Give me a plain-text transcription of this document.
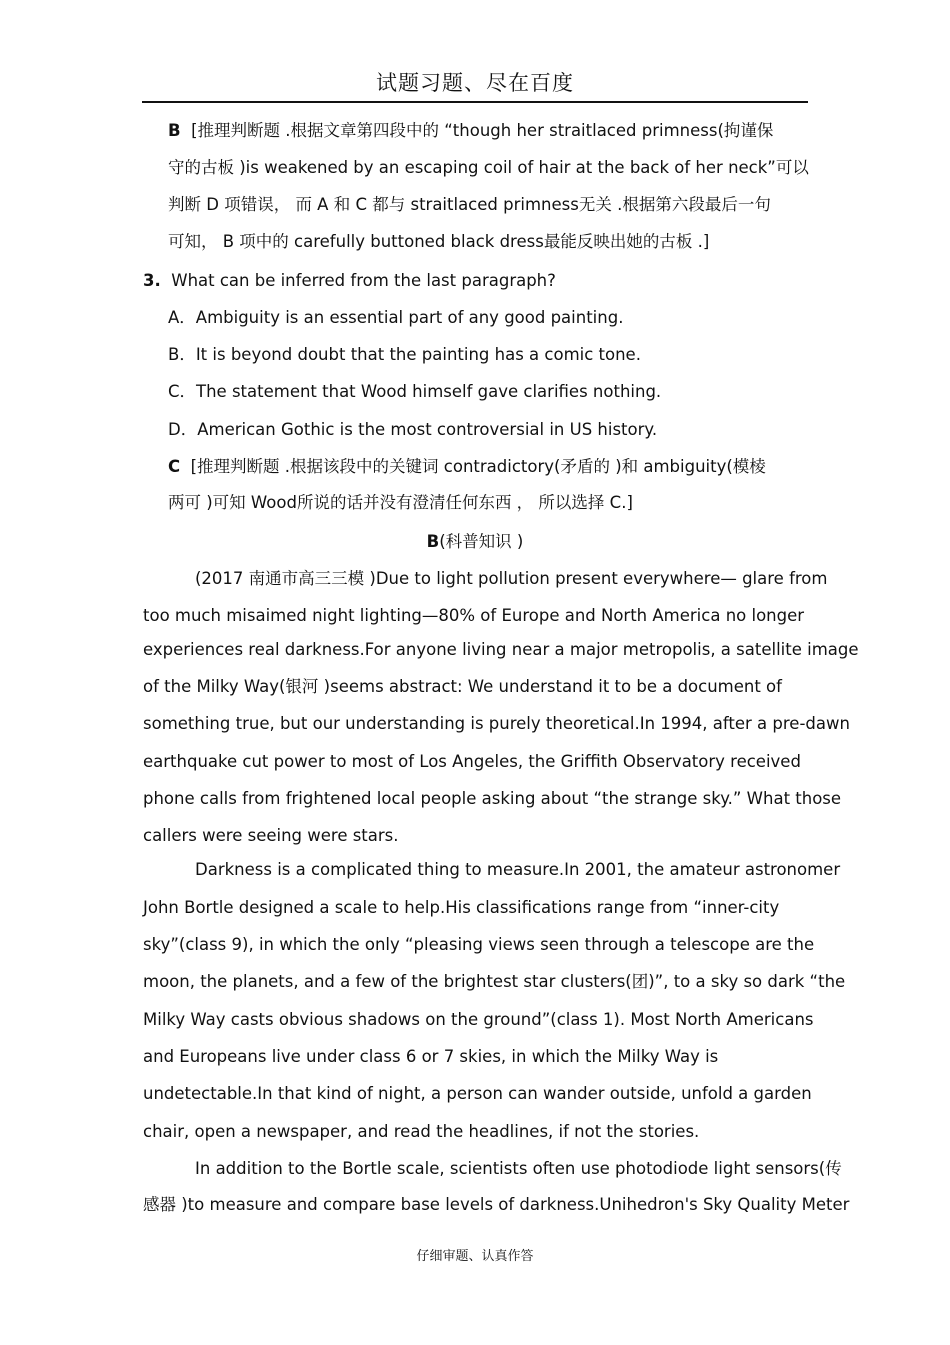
试题习题、尽在百度
B [推理判断题 .根据文章第四段中的 “though her straitlaced primness(拘谨保
守的古板 )is weakened by an escaping coil of hair at the back of her neck”可以
判断 D 项错误， 而 A 和 C 都与 straitlaced primness无关 .根据第六段最后一句
可知， B 项中的 carefully buttoned black dress最能反映出她的古板 .]
3. What can be inferred from the last paragraph?
A．Ambiguity is an essential part of any good painting.
B．It is beyond doubt that the painting has a comic tone.
C．The statement that Wood himself gave clarifies nothing.
D．American Gothic is the most controversial in US history.
C [推理判断题 .根据该段中的关键词 contradictory(矛盾的 )和 ambiguity(模棱
两可 )可知 Wood所说的话并没有澄清任何东西 ， 所以选择 C.]
B(科普知识 )
(2017 南通市高三三模 )Due to light pollution present everywhere— glare from
too much misaimed night lighting—80% of Europe and North America no longer
experiences real darkness.For anyone living near a major metropolis, a satellite image
of the Milky Way(银河 )seems abstract: We understand it to be a document of
something true, but our understanding is purely theoretical.In 1994, after a pre-dawn
earthquake cut power to most of Los Angeles, the Griffith Observatory received
phone calls from frightened local people asking about “the strange sky.” What those
callers were seeing were stars.
Darkness is a complicated thing to measure.In 2001, the amateur astronomer
John Bortle designed a scale to help.His classifications range from “inner-city
sky”(class 9), in which the only “pleasing views seen through a telescope are the
moon, the planets, and a few of the brightest star clusters(团)”, to a sky so dark “the
Milky Way casts obvious shadows on the ground”(class 1). Most North Americans
and Europeans live under class 6 or 7 skies, in which the Milky Way is
undetectable.In that kind of night, a person can wander outside, unfold a garden
chair, open a newspaper, and read the headlines, if not the stories.
In addition to the Bortle scale, scientists often use photodiode light sensors(传
感器 )to measure and compare base levels of darkness.Unihedron's Sky Quality Meter
仔细审题、认真作答
